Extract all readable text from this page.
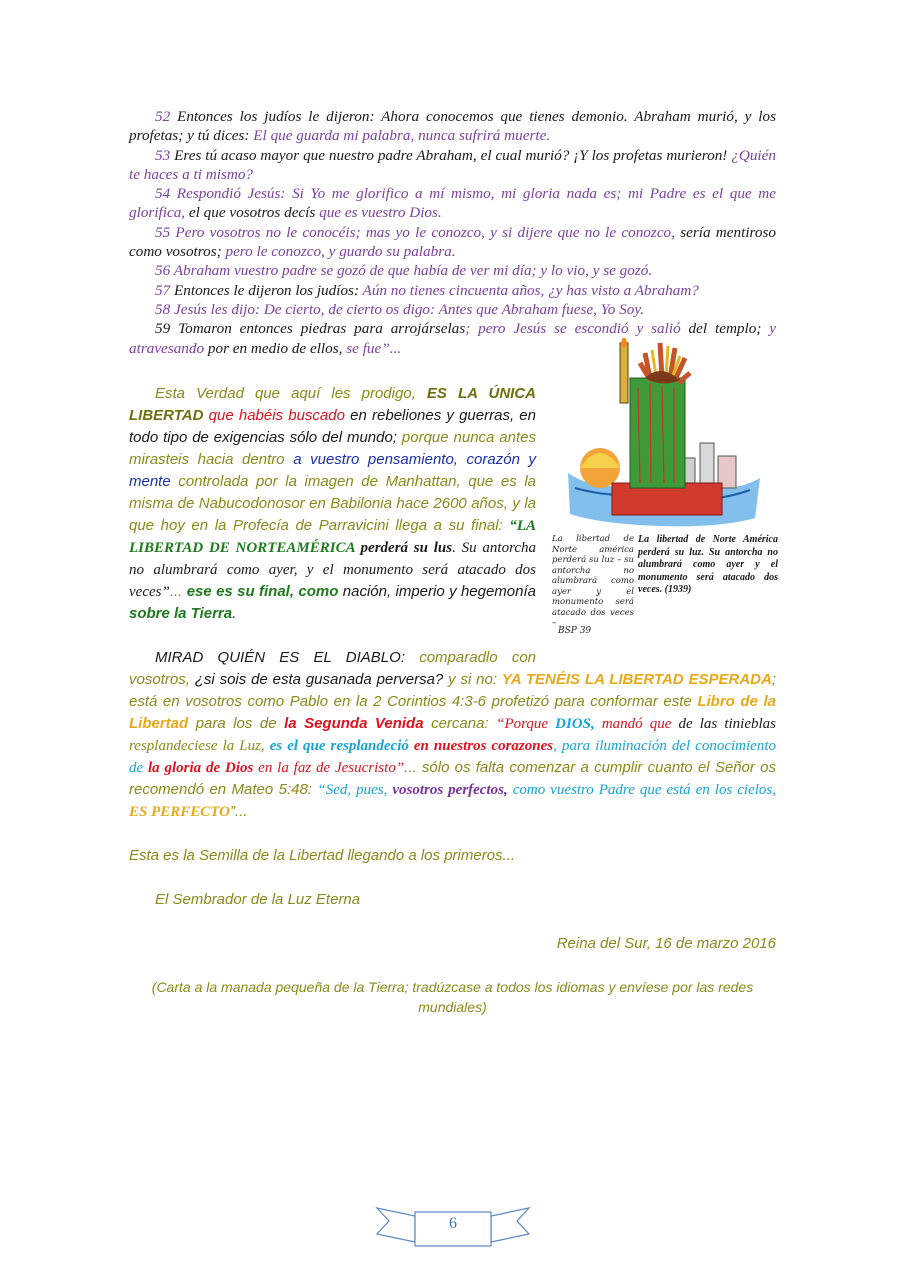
52 Entonces los judíos le dijeron: Ahora conocemos que tienes demonio. Abraham murió, y los profetas; y tú dices: El que guarda mi palabra, nunca sufrirá muerte.

53 Eres tú acaso mayor que nuestro padre Abraham, el cual murió? ¡Y los profetas murieron! ¿Quién te haces a ti mismo?

54 Respondió Jesús: Si Yo me glorifico a mí mismo, mi gloria nada es; mi Padre es el que me glorifica, el que vosotros decís que es vuestro Dios.

55 Pero vosotros no le conocéis; mas yo le conozco, y si dijere que no le conozco, sería mentiroso como vosotros; pero le conozco, y guardo su palabra.

56 Abraham vuestro padre se gozó de que había de ver mi día; y lo vio, y se gozó.

57 Entonces le dijeron los judíos: Aún no tienes cincuenta años, ¿y has visto a Abraham?

58 Jesús les dijo: De cierto, de cierto os digo: Antes que Abraham fuese, Yo Soy.

59 Tomaron entonces piedras para arrojárselas; pero Jesús se escondió y salió del templo; y atravesando por en medio de ellos, se fue”...

La libertad de Norte américa perderá su luz – su antorcha no alumbrará como ayer y el monumento será atacado dos veces –
La libertad de Norte América perderá su luz. Su antorcha no alumbrará como ayer y el monumento será atacado dos veces. (1939)
BSP 39

Esta Verdad que aquí les prodigo, ES LA ÚNICA LIBERTAD que habéis buscado en rebeliones y guerras, en todo tipo de exigencias sólo del mundo; porque nunca antes mirasteis hacia dentro a vuestro pensamiento, corazón y mente controlada por la imagen de Manhattan, que es la misma de Nabucodonosor en Babilonia hace 2600 años, y la que hoy en la Profecía de Parravicini llega a su final: “LA LIBERTAD DE NORTEAMÉRICA perderá su lus. Su antorcha no alumbrará como ayer, y el monumento será atacado dos veces”... ese es su final, como nación, imperio y hegemonía sobre la Tierra.

MIRAD QUIÉN ES EL DIABLO: comparadlo con vosotros, ¿si sois de esta gusanada perversa? y si no: YA TENÉIS LA LIBERTAD ESPERADA; está en vosotros como Pablo en la 2 Corintios 4:3-6 profetizó para conformar este Libro de la Libertad para los de la Segunda Venida cercana: “Porque DIOS, mandó que de las tinieblas resplandeciese la Luz, es el que resplandeció en nuestros corazones, para iluminación del conocimiento de la gloria de Dios en la faz de Jesucristo”... sólo os falta comenzar a cumplir cuanto el Señor os recomendó en Mateo 5:48: “Sed, pues, vosotros perfectos, como vuestro Padre que está en los cielos, ES PERFECTO”...

Esta es la Semilla de la Libertad llegando a los primeros...

El Sembrador de la Luz Eterna

Reina del Sur, 16 de marzo 2016

(Carta a la manada pequeña de la Tierra; tradúzcase a todos los idiomas y envíese por las redes mundiales)

6
